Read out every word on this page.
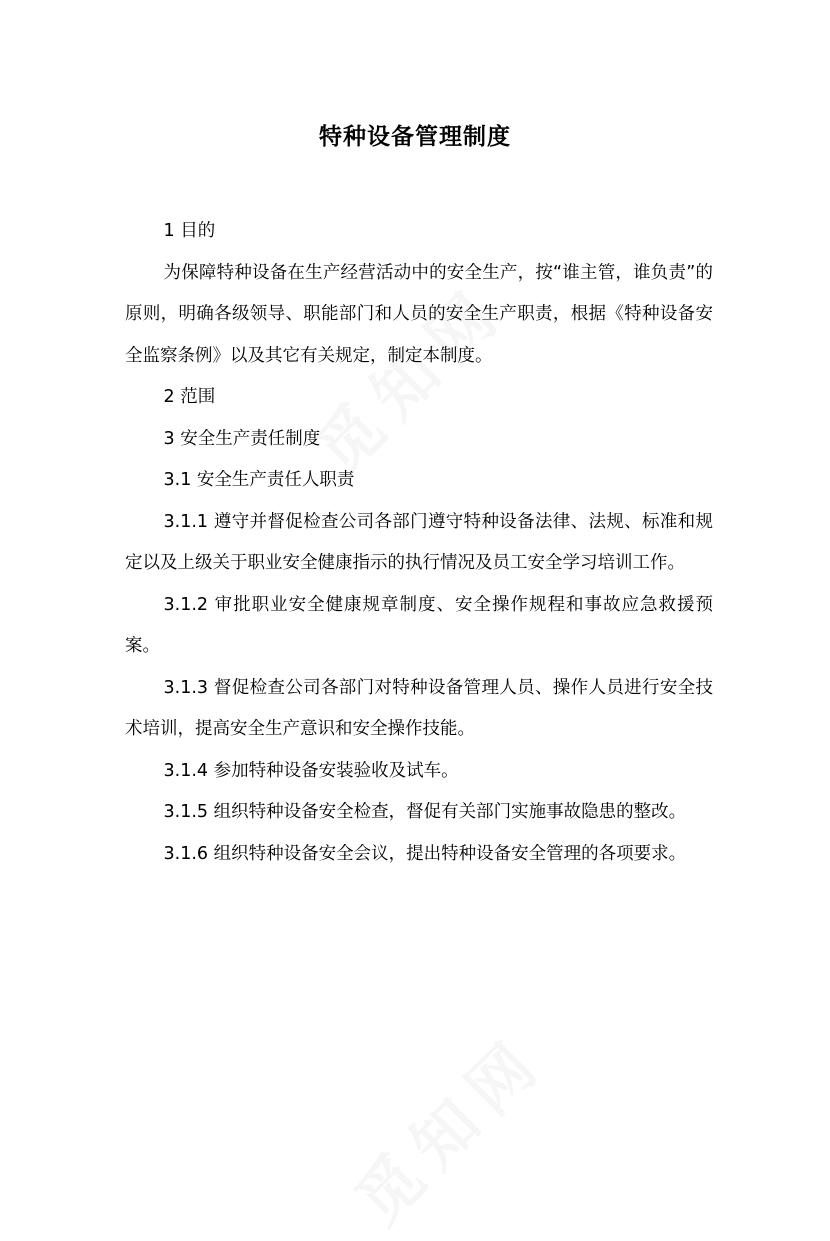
特种设备管理制度

1 目的

为保障特种设备在生产经营活动中的安全生产，按“谁主管，谁负责”的原则，明确各级领导、职能部门和人员的安全生产职责，根据《特种设备安全监察条例》以及其它有关规定，制定本制度。

2 范围

3 安全生产责任制度

3.1 安全生产责任人职责

3.1.1 遵守并督促检查公司各部门遵守特种设备法律、法规、标准和规定以及上级关于职业安全健康指示的执行情况及员工安全学习培训工作。

3.1.2 审批职业安全健康规章制度、安全操作规程和事故应急救援预案。

3.1.3 督促检查公司各部门对特种设备管理人员、操作人员进行安全技术培训，提高安全生产意识和安全操作技能。

3.1.4 参加特种设备安装验收及试车。

3.1.5 组织特种设备安全检查，督促有关部门实施事故隐患的整改。

3.1.6 组织特种设备安全会议，提出特种设备安全管理的各项要求。
